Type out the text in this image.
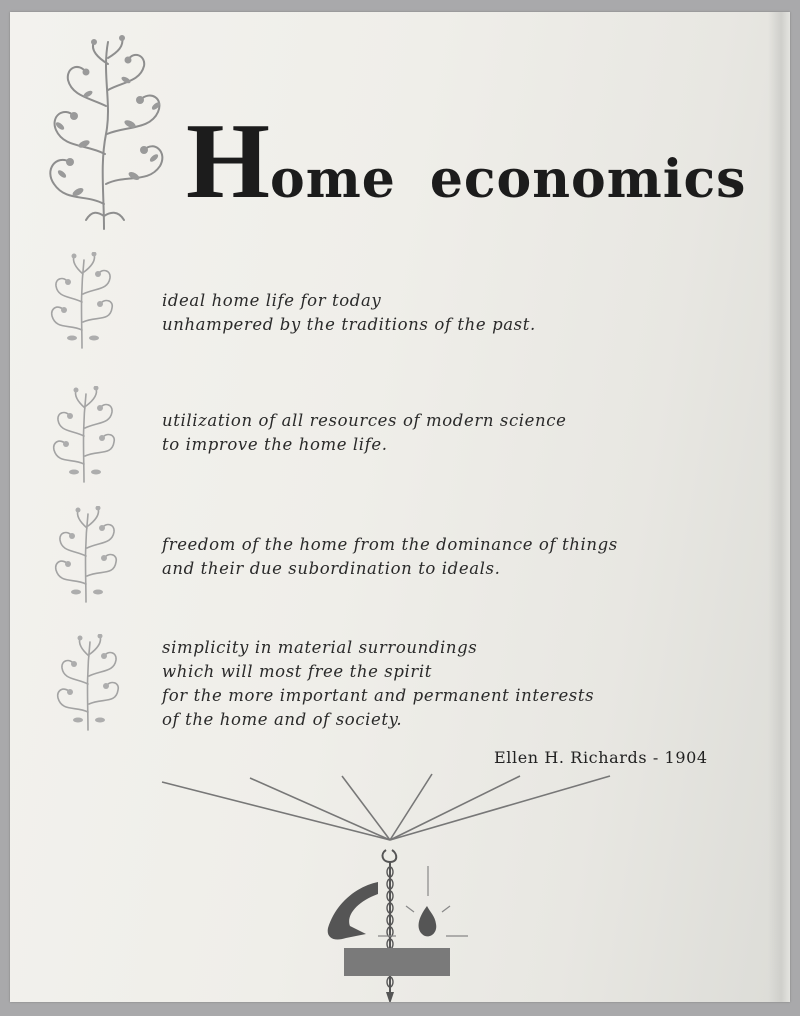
Home economics
ideal home life for today
unhampered by the traditions of the past.
utilization of all resources of modern science
to improve the home life.
freedom of the home from the dominance of things
and their due subordination to ideals.
simplicity in material surroundings
which will most free the spirit
for the more important and permanent interests
of the home and of society.
Ellen H. Richards - 1904
